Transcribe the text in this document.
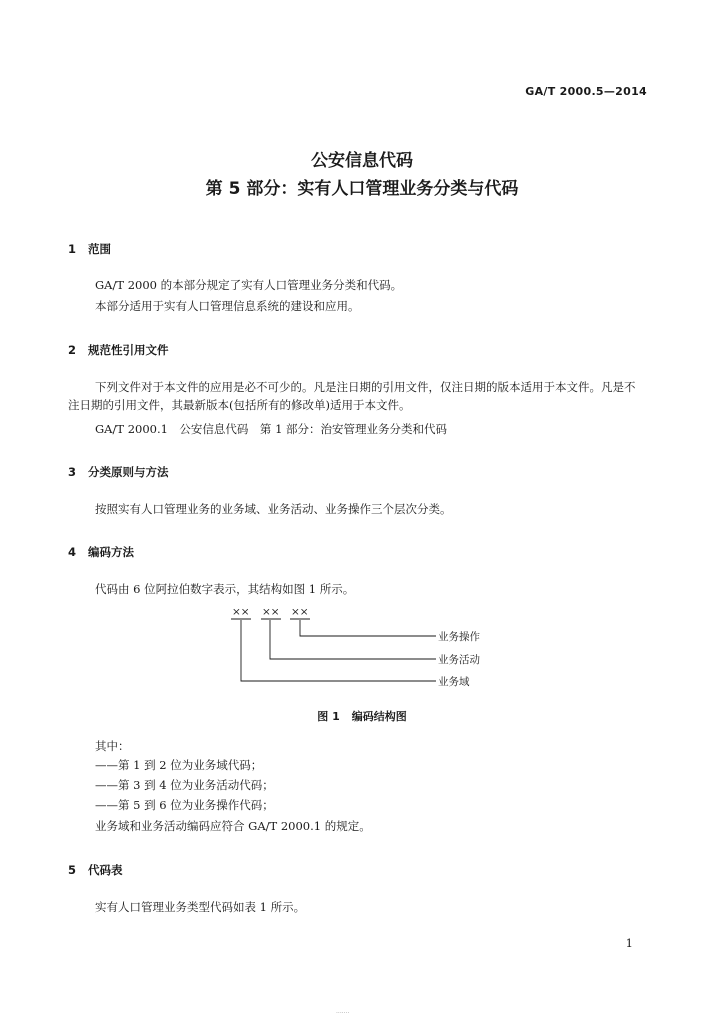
GA/T 2000.5—2014
公安信息代码
第 5 部分：实有人口管理业务分类与代码
1 范围
GA/T 2000 的本部分规定了实有人口管理业务分类和代码。
本部分适用于实有人口管理信息系统的建设和应用。
2 规范性引用文件
下列文件对于本文件的应用是必不可少的。凡是注日期的引用文件，仅注日期的版本适用于本文件。凡是不注日期的引用文件，其最新版本(包括所有的修改单)适用于本文件。
GA/T 2000.1　公安信息代码　第 1 部分：治安管理业务分类和代码
3 分类原则与方法
按照实有人口管理业务的业务域、业务活动、业务操作三个层次分类。
4 编码方法
代码由 6 位阿拉伯数字表示，其结构如图 1 所示。
×× ×× ××
业务操作
业务活动
业务域
图 1 编码结构图
其中：
——第 1 到 2 位为业务域代码；
——第 3 到 4 位为业务活动代码；
——第 5 到 6 位为业务操作代码；
业务域和业务活动编码应符合 GA/T 2000.1 的规定。
5 代码表
实有人口管理业务类型代码如表 1 所示。
1
·······
